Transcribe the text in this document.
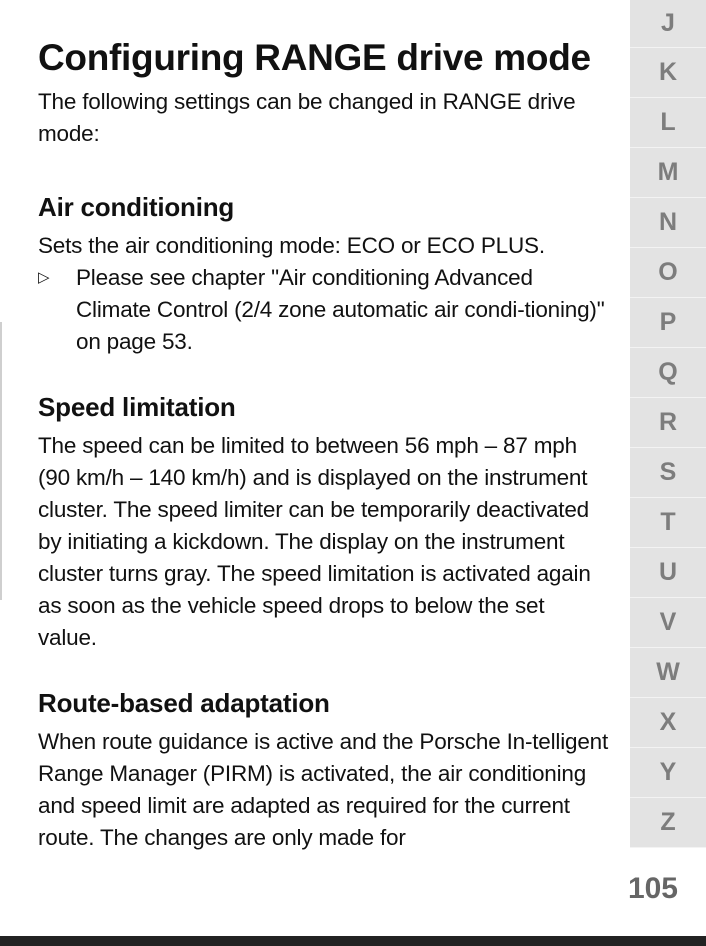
Configuring RANGE drive mode

The following settings can be changed in RANGE drive mode:

Air conditioning

Sets the air conditioning mode: ECO or ECO PLUS.

▷ Please see chapter "Air conditioning Advanced Climate Control (2/4 zone automatic air condi-tioning)" on page 53.
Speed limitation

The speed can be limited to between 56 mph – 87 mph (90 km/h – 140 km/h) and is displayed on the instrument cluster. The speed limiter can be temporarily deactivated by initiating a kickdown. The display on the instrument cluster turns gray. The speed limitation is activated again as soon as the vehicle speed drops to below the set value.

Route-based adaptation

When route guidance is active and the Porsche In-telligent Range Manager (PIRM) is activated, the air conditioning and speed limit are adapted as required for the current route. The changes are only made for

J
K
L
M
N
O
P
Q
R
S
T
U
V
W
X
Y
Z
105
